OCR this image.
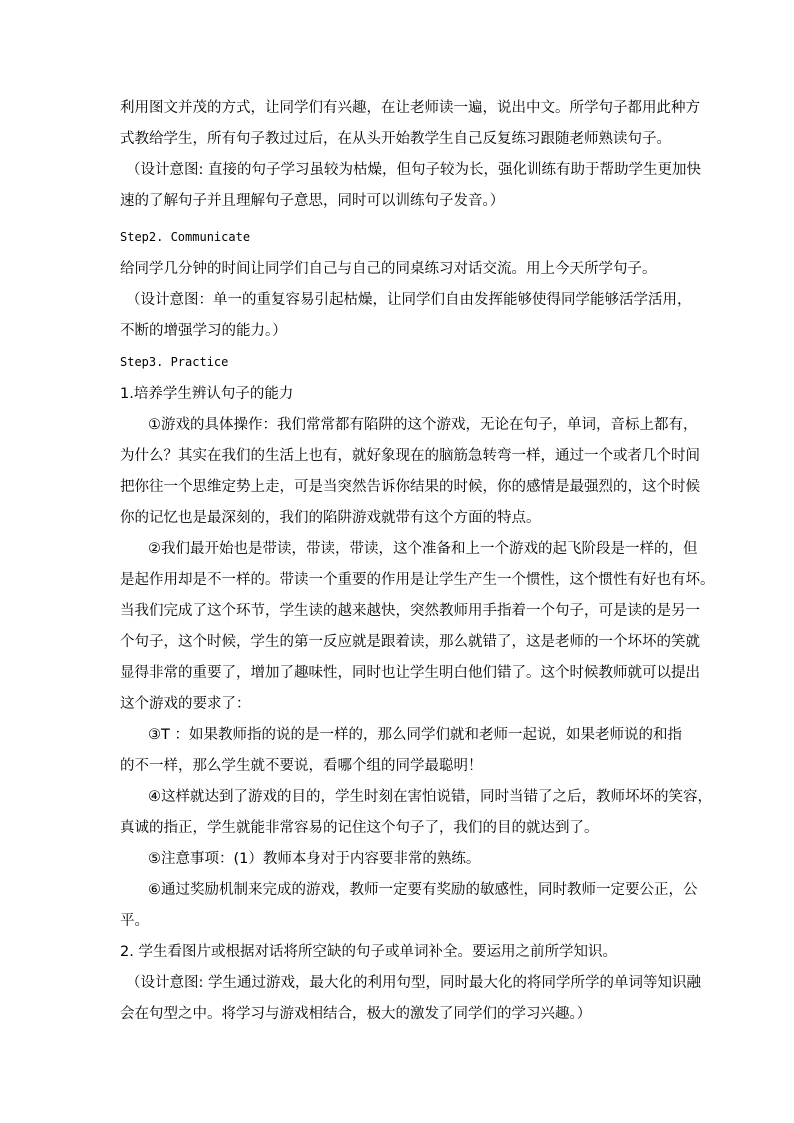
利用图文并茂的方式，让同学们有兴趣，在让老师读一遍，说出中文。所学句子都用此种方
式教给学生，所有句子教过过后，在从头开始教学生自己反复练习跟随老师熟读句子。
（设计意图: 直接的句子学习虽较为枯燥，但句子较为长，强化训练有助于帮助学生更加快
速的了解句子并且理解句子意思，同时可以训练句子发音。）
Step2. Communicate
给同学几分钟的时间让同学们自己与自己的同桌练习对话交流。用上今天所学句子。
（设计意图：单一的重复容易引起枯燥，让同学们自由发挥能够使得同学能够活学活用，
不断的增强学习的能力。）
Step3. Practice
1.培养学生辨认句子的能力
①游戏的具体操作：我们常常都有陷阱的这个游戏，无论在句子，单词，音标上都有，
为什么？其实在我们的生活上也有，就好象现在的脑筋急转弯一样，通过一个或者几个时间
把你往一个思维定势上走，可是当突然告诉你结果的时候，你的感情是最强烈的，这个时候
你的记忆也是最深刻的，我们的陷阱游戏就带有这个方面的特点。
②我们最开始也是带读，带读，带读，这个准备和上一个游戏的起飞阶段是一样的，但
是起作用却是不一样的。带读一个重要的作用是让学生产生一个惯性，这个惯性有好也有坏。
当我们完成了这个环节，学生读的越来越快，突然教师用手指着一个句子，可是读的是另一
个句子，这个时候，学生的第一反应就是跟着读，那么就错了，这是老师的一个坏坏的笑就
显得非常的重要了，增加了趣味性，同时也让学生明白他们错了。这个时候教师就可以提出
这个游戏的要求了：
③T ：如果教师指的说的是一样的，那么同学们就和老师一起说，如果老师说的和指
的不一样，那么学生就不要说，看哪个组的同学最聪明！
④这样就达到了游戏的目的，学生时刻在害怕说错，同时当错了之后，教师坏坏的笑容，
真诚的指正，学生就能非常容易的记住这个句子了，我们的目的就达到了。
⑤注意事项：(1）教师本身对于内容要非常的熟练。
⑥通过奖励机制来完成的游戏，教师一定要有奖励的敏感性，同时教师一定要公正，公
平。
2. 学生看图片或根据对话将所空缺的句子或单词补全。要运用之前所学知识。
（设计意图: 学生通过游戏，最大化的利用句型，同时最大化的将同学所学的单词等知识融
会在句型之中。将学习与游戏相结合，极大的激发了同学们的学习兴趣。）
